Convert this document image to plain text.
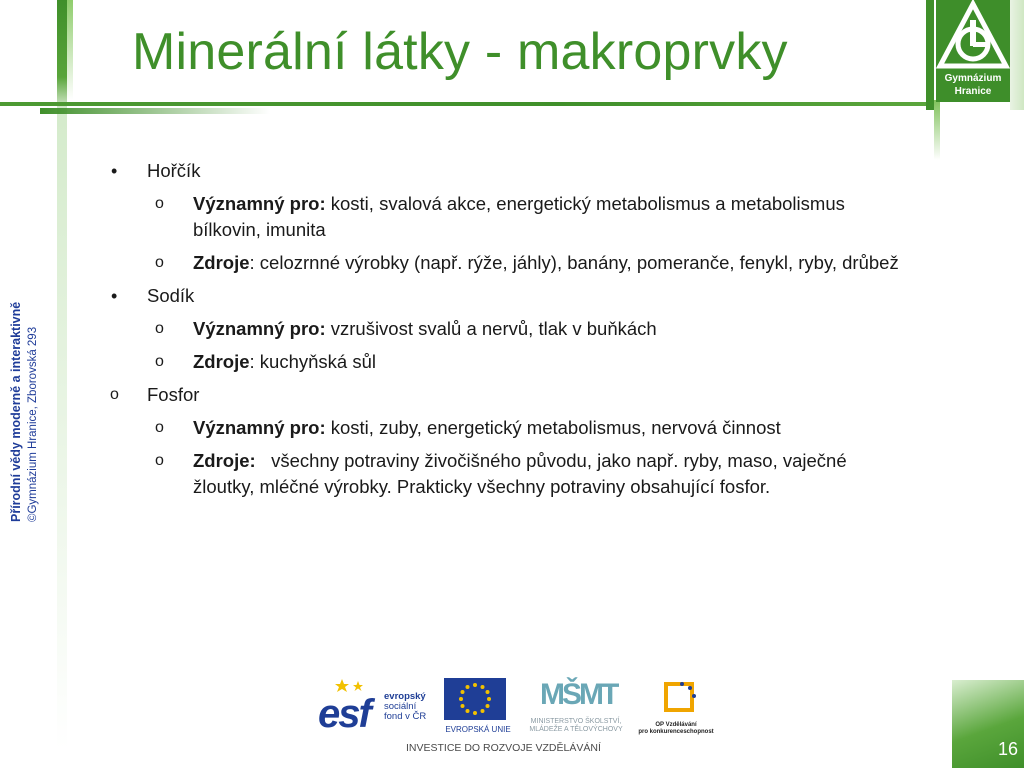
Minerální látky - makroprvky	Gymnázium
Hranice
Přírodní vědy moderně a interaktivně ©Gymnázium Hranice, Zborovská 293
• Hořčík
o Významný pro: kosti, svalová akce, energetický metabolismus a metabolismus bílkovin, imunita
o Zdroje: celozrnné výrobky (např. rýže, jáhly), banány, pomeranče, fenykl, ryby, drůbež
• Sodík
o Významný pro: vzrušivost svalů a nervů, tlak v buňkách
o Zdroje: kuchyňská sůl
o Fosfor
o Významný pro: kosti, zuby, energetický metabolismus, nervová činnost
o Zdroje:   všechny potraviny živočišného původu, jako např. ryby, maso, vaječné žloutky, mléčné výrobky. Prakticky všechny potraviny obsahující fosfor.
esf evropský
sociální
fond v ČR
EVROPSKÁ UNIE
MŠMT
MINISTERSTVO ŠKOLSTVÍ,
MLÁDEŽE A TĚLOVÝCHOVY
OP Vzdělávání
pro konkurenceschopnost
INVESTICE DO ROZVOJE VZDĚLÁVÁNÍ	16
